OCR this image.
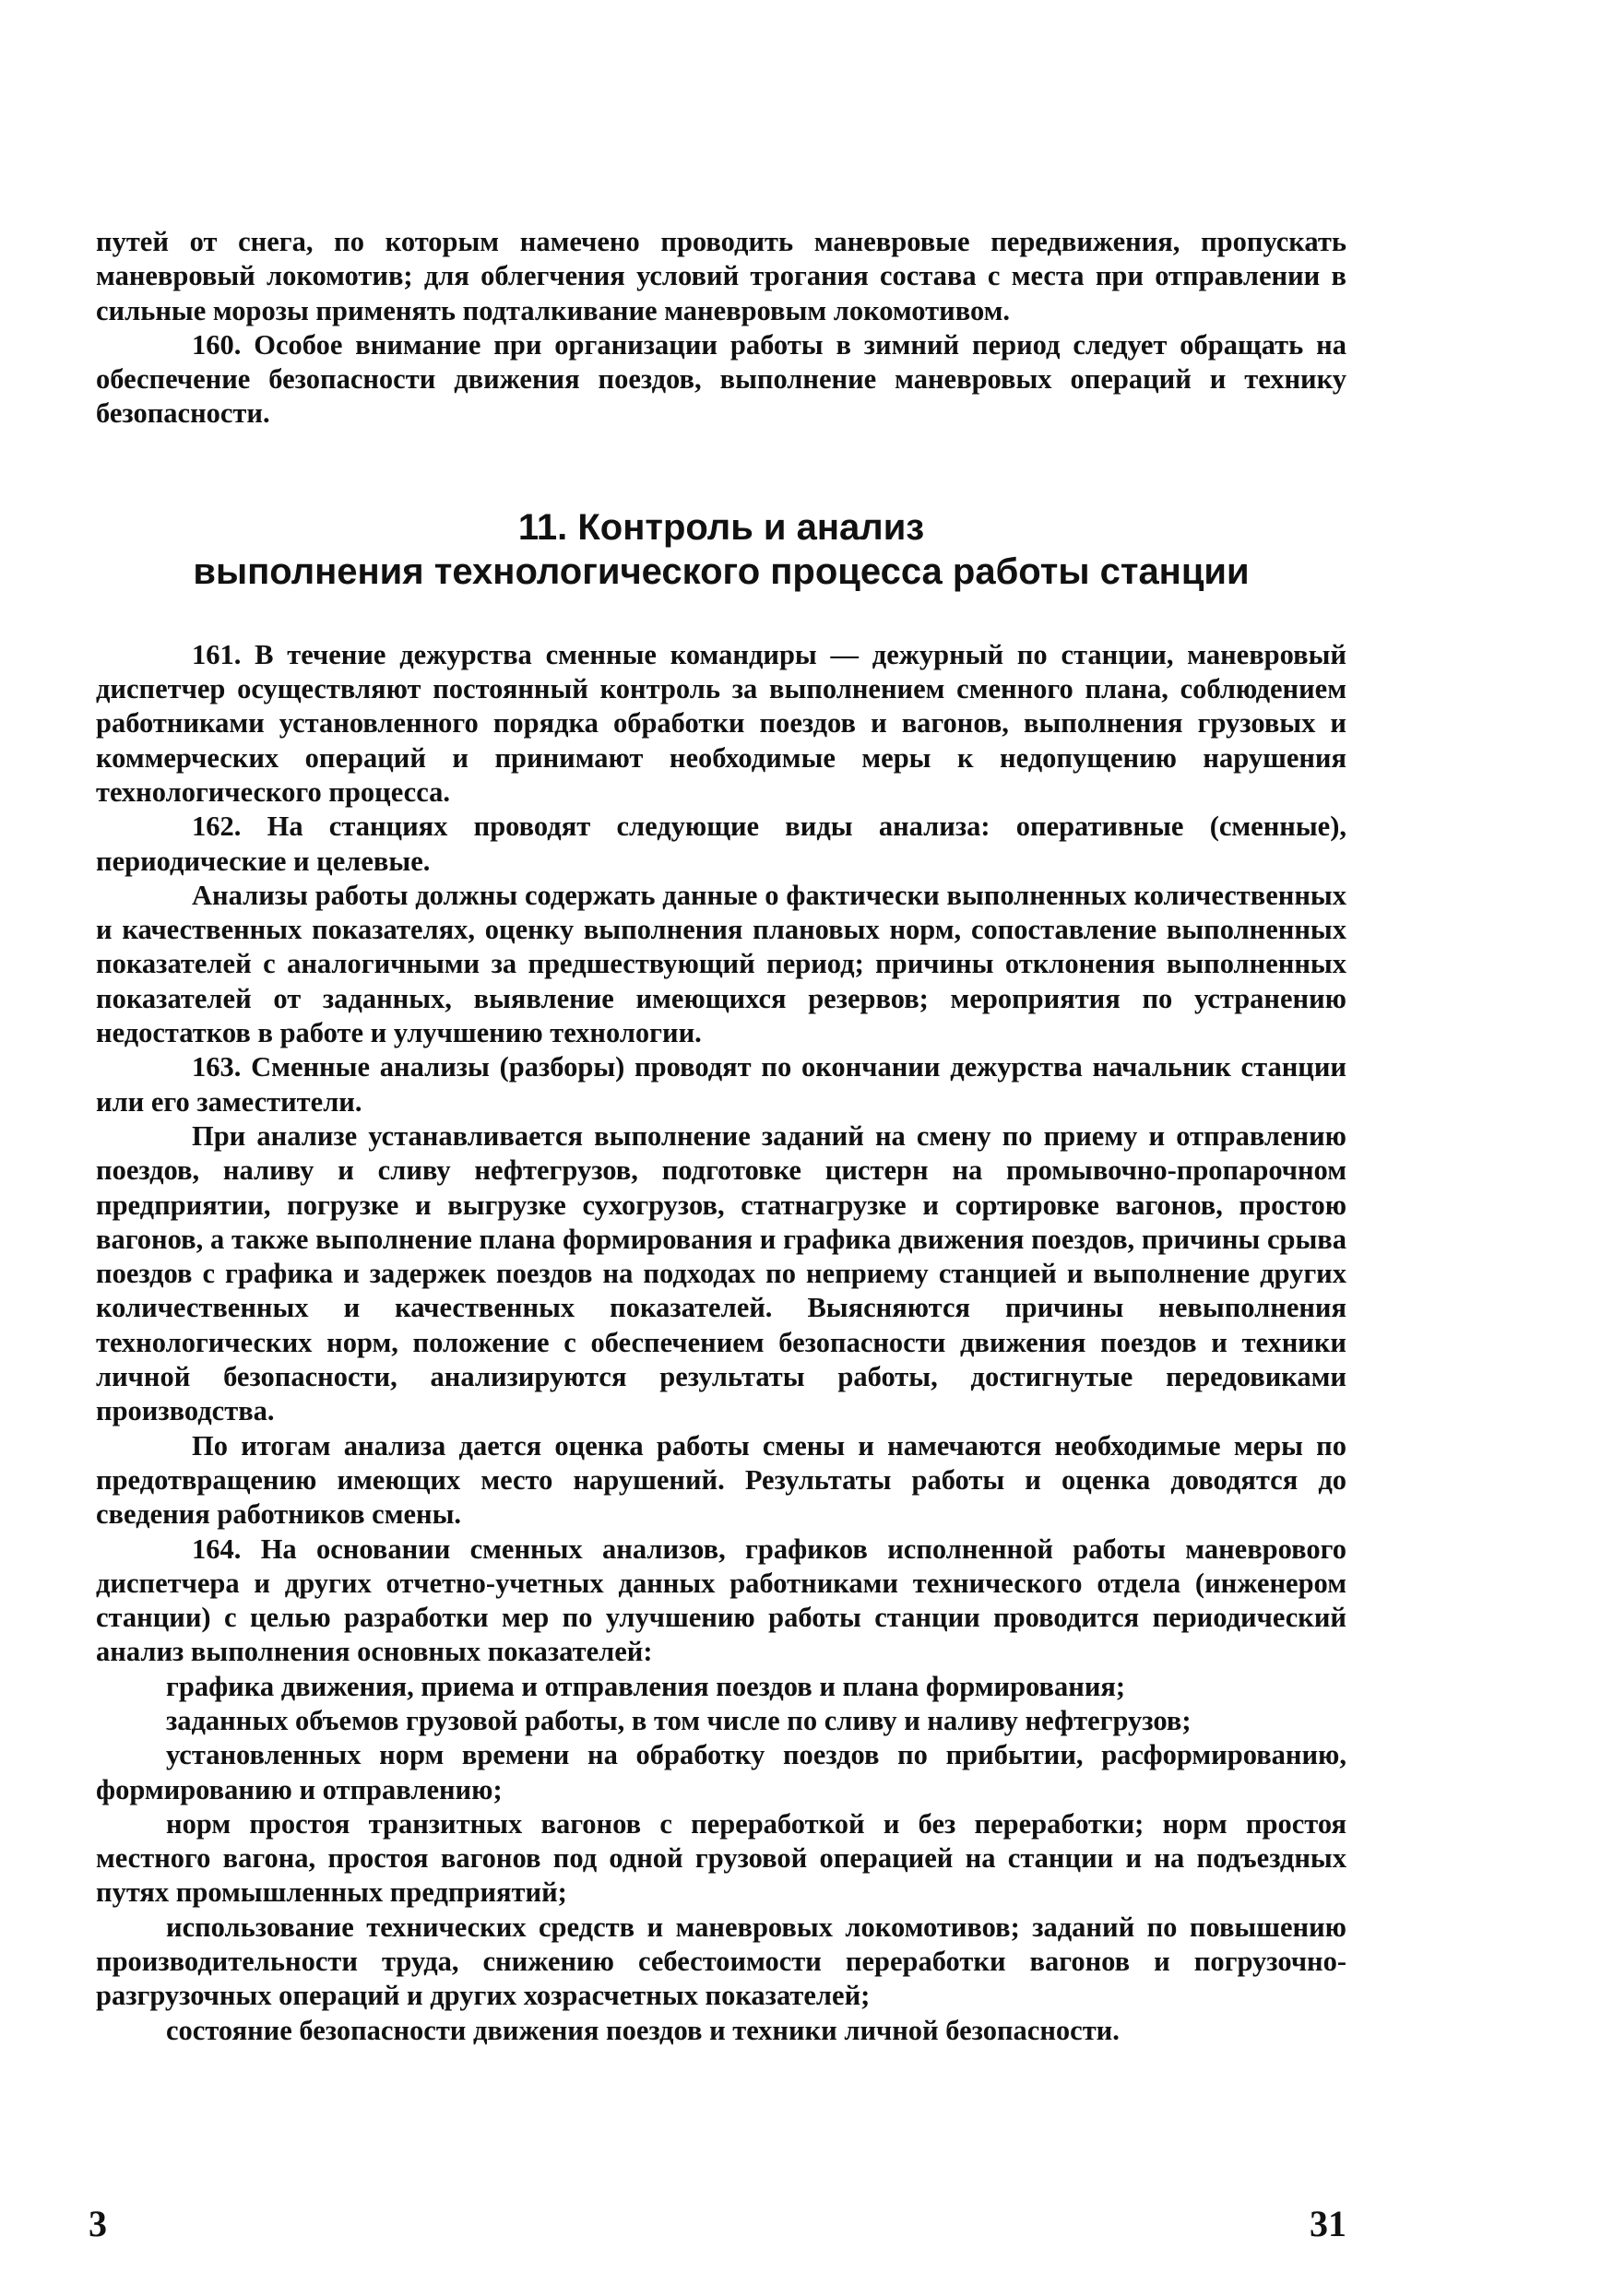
путей от снега, по которым намечено проводить маневровые передвижения, пропускать маневровый локомотив; для облегчения условий трогания состава с места при отправлении в сильные морозы применять подталкивание маневровым локомотивом.

160. Особое внимание при организации работы в зимний период следует обращать на обеспечение безопасности движения поездов, выполнение маневровых операций и технику безопасности.

11. Контроль и анализ
выполнения технологического процесса работы станции

161. В течение дежурства сменные командиры — дежурный по станции, маневровый диспетчер осуществляют постоянный контроль за выполнением сменного плана, соблюдением работниками установленного порядка обработки поездов и вагонов, выполнения грузовых и коммерческих операций и принимают необходимые меры к недопущению нарушения технологического процесса.

162. На станциях проводят следующие виды анализа: оперативные (сменные), периодические и целевые.

Анализы работы должны содержать данные о фактически выполненных количественных и качественных показателях, оценку выполнения плановых норм, сопоставление выполненных показателей с аналогичными за предшествующий период; причины отклонения выполненных показателей от заданных, выявление имеющихся резервов; мероприятия по устранению недостатков в работе и улучшению технологии.

163. Сменные анализы (разборы) проводят по окончании дежурства начальник станции или его заместители.

При анализе устанавливается выполнение заданий на смену по приему и отправлению поездов, наливу и сливу нефтегрузов, подготовке цистерн на промывочно-пропарочном предприятии, погрузке и выгрузке сухогрузов, статнагрузке и сортировке вагонов, простою вагонов, а также выполнение плана формирования и графика движения поездов, причины срыва поездов с графика и задержек поездов на подходах по неприему станцией и выполнение других количественных и качественных показателей. Выясняются причины невыполнения технологических норм, положение с обеспечением безопасности движения поездов и техники личной безопасности, анализируются результаты работы, достигнутые передовиками производства.

По итогам анализа дается оценка работы смены и намечаются необходимые меры по предотвращению имеющих место нарушений. Результаты работы и оценка доводятся до сведения работников смены.

164. На основании сменных анализов, графиков исполненной работы маневрового диспетчера и других отчетно-учетных данных работниками технического отдела (инженером станции) с целью разработки мер по улучшению работы станции проводится периодический анализ выполнения основных показателей:

графика движения, приема и отправления поездов и плана формирования;

заданных объемов грузовой работы, в том числе по сливу и наливу нефтегрузов;

установленных норм времени на обработку поездов по прибытии, расформированию, формированию и отправлению;

норм простоя транзитных вагонов с переработкой и без переработки; норм простоя местного вагона, простоя вагонов под одной грузовой операцией на станции и на подъездных путях промышленных предприятий;

использование технических средств и маневровых локомотивов; заданий по повышению производительности труда, снижению себестоимости переработки вагонов и погрузочно-разгрузочных операций и других хозрасчетных показателей;

состояние безопасности движения поездов и техники личной безопасности.

3	31
